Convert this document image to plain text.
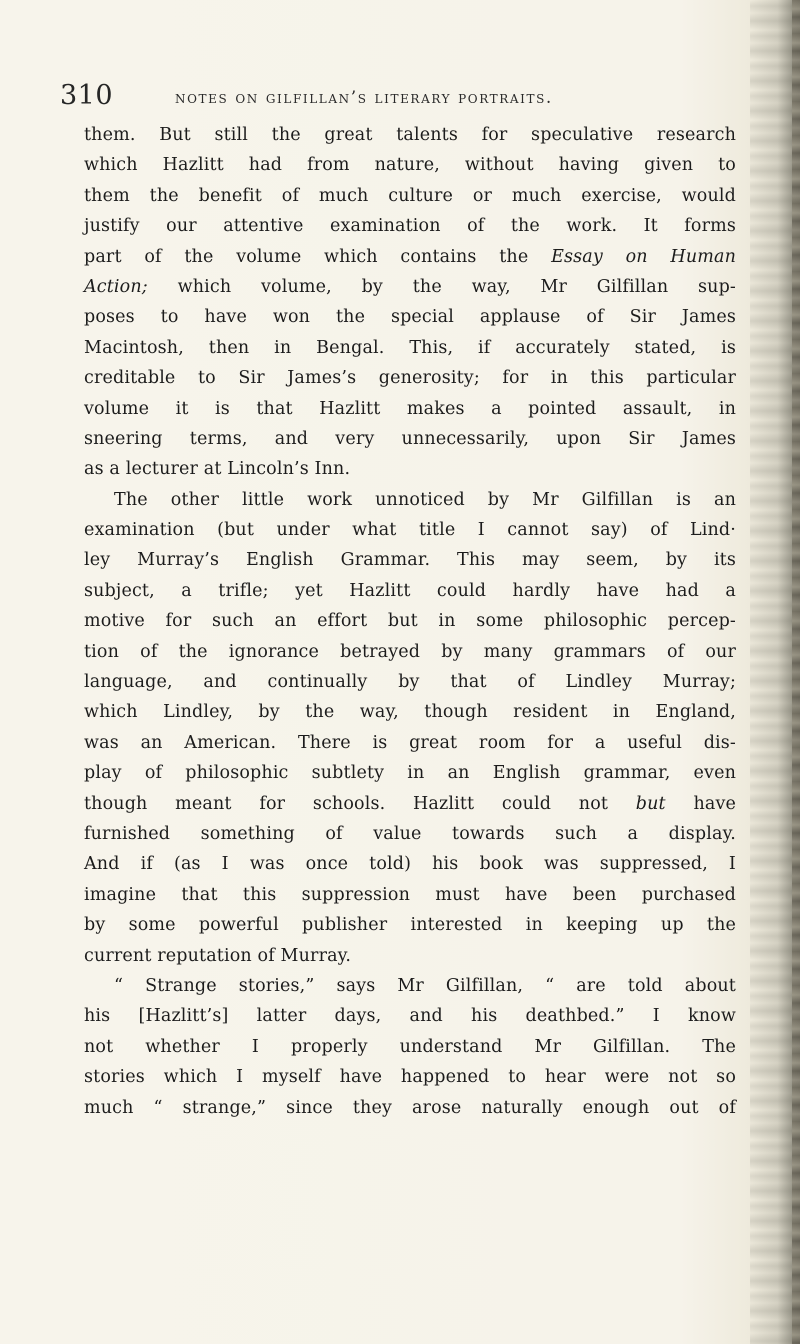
310	notes on gilfillan’s literary portraits.
them. But still the great talents for speculative research
which Hazlitt had from nature, without having given to
them the benefit of much culture or much exercise, would
justify our attentive examination of the work. It forms
part of the volume which contains the Essay on Human
Action; which volume, by the way, Mr Gilfillan sup-
poses to have won the special applause of Sir James
Macintosh, then in Bengal. This, if accurately stated, is
creditable to Sir James’s generosity; for in this particular
volume it is that Hazlitt makes a pointed assault, in
sneering terms, and very unnecessarily, upon Sir James
as a lecturer at Lincoln’s Inn.
The other little work unnoticed by Mr Gilfillan is an
examination (but under what title I cannot say) of Lind·
ley Murray’s English Grammar. This may seem, by its
subject, a trifle; yet Hazlitt could hardly have had a
motive for such an effort but in some philosophic percep-
tion of the ignorance betrayed by many grammars of our
language, and continually by that of Lindley Murray;
which Lindley, by the way, though resident in England,
was an American. There is great room for a useful dis-
play of philosophic subtlety in an English grammar, even
though meant for schools. Hazlitt could not but have
furnished something of value towards such a display.
And if (as I was once told) his book was suppressed, I
imagine that this suppression must have been purchased
by some powerful publisher interested in keeping up the
current reputation of Murray.
“ Strange stories,” says Mr Gilfillan, “ are told about
his [Hazlitt’s] latter days, and his deathbed.” I know
not whether I properly understand Mr Gilfillan. The
stories which I myself have happened to hear were not so
much “ strange,” since they arose naturally enough out of
